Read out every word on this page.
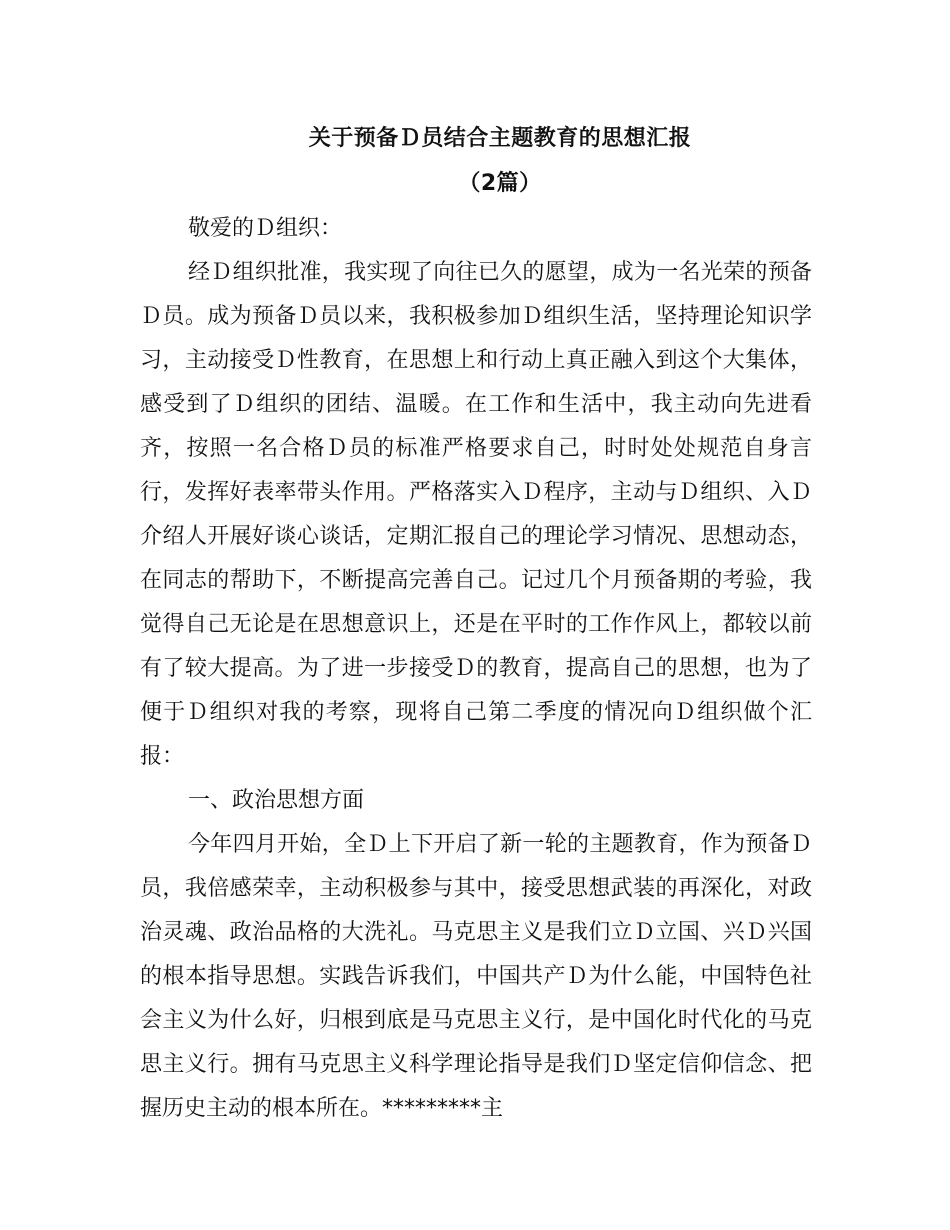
关于预备Ｄ员结合主题教育的思想汇报
（2篇）

敬爱的Ｄ组织：

经Ｄ组织批准，我实现了向往已久的愿望，成为一名光荣的预备Ｄ员。成为预备Ｄ员以来，我积极参加Ｄ组织生活，坚持理论知识学习，主动接受Ｄ性教育，在思想上和行动上真正融入到这个大集体，感受到了Ｄ组织的团结、温暖。在工作和生活中，我主动向先进看齐，按照一名合格Ｄ员的标准严格要求自己，时时处处规范自身言行，发挥好表率带头作用。严格落实入Ｄ程序，主动与Ｄ组织、入Ｄ介绍人开展好谈心谈话，定期汇报自己的理论学习情况、思想动态，在同志的帮助下，不断提高完善自己。记过几个月预备期的考验，我觉得自己无论是在思想意识上，还是在平时的工作作风上，都较以前有了较大提高。为了进一步接受Ｄ的教育，提高自己的思想，也为了便于Ｄ组织对我的考察，现将自己第二季度的情况向Ｄ组织做个汇报：

一、政治思想方面

今年四月开始，全Ｄ上下开启了新一轮的主题教育，作为预备Ｄ员，我倍感荣幸，主动积极参与其中，接受思想武装的再深化，对政治灵魂、政治品格的大洗礼。马克思主义是我们立Ｄ立国、兴Ｄ兴国的根本指导思想。实践告诉我们，中国共产Ｄ为什么能，中国特色社会主义为什么好，归根到底是马克思主义行，是中国化时代化的马克思主义行。拥有马克思主义科学理论指导是我们Ｄ坚定信仰信念、把握历史主动的根本所在。*********主
